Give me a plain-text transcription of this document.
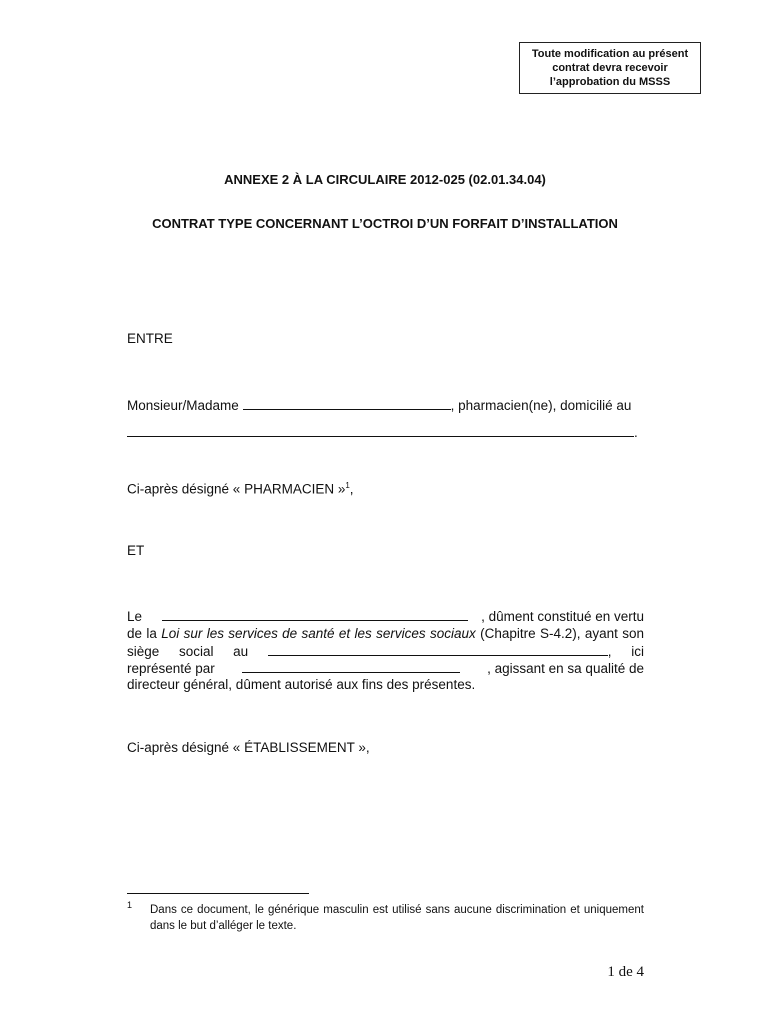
Toute modification au présent
contrat devra recevoir
l’approbation du MSSS
ANNEXE 2 À LA CIRCULAIRE 2012-025 (02.01.34.04)
CONTRAT TYPE CONCERNANT L’OCTROI D’UN FORFAIT D’INSTALLATION
ENTRE
Monsieur/Madame	, pharmacien(ne), domicilié au
.
Ci-après désigné « PHARMACIEN »$^1$,
ET
Le	, dûment constitué en vertu
de la Loi sur les services de santé et les services sociaux (Chapitre S-4.2), ayant son
siège social au	, ici
représenté par	, agissant en sa qualité de
directeur général, dûment autorisé aux fins des présentes.
Ci-après désigné « ÉTABLISSEMENT »,
1 Dans ce document, le générique masculin est utilisé sans aucune discrimination et uniquement dans le but d’alléger le texte.
1 de 4
